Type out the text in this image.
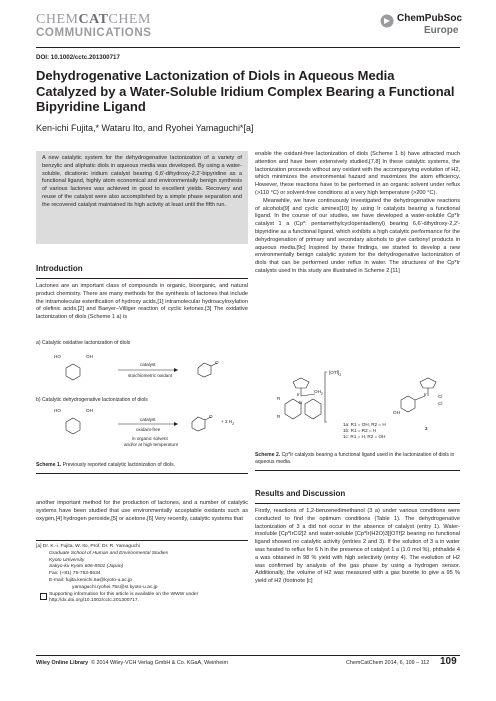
CHEMCATCHEM
COMMUNICATIONS
ChemPubSoc
Europe
DOI: 10.1002/cctc.201300717
Dehydrogenative Lactonization of Diols in Aqueous Media Catalyzed by a Water-Soluble Iridium Complex Bearing a Functional Bipyridine Ligand
Ken-ichi Fujita,* Wataru Ito, and Ryohei Yamaguchi*[a]
A new catalytic system for the dehydrogenative lactonization of a variety of benzylic and aliphatic diols in aqueous media was developed. By using a water-soluble, dicationic iridium catalyst bearing 6,6′-dihydroxy-2,2′-bipyridine as a functional ligand, highly atom economical and environmentally benign synthesis of various lactones was achieved in good to excellent yields. Recovery and reuse of the catalyst were also accomplished by a simple phase separation and the recovered catalyst maintained its high activity at least until the fifth run.
Introduction

Lactones are an important class of compounds in organic, bioorganic, and natural product chemistry. There are many methods for the synthesis of lactones that include the intramolecular esterification of hydroxy acids,[1] intramolecular hydroacyloxylation of olefinic acids,[2] and Baeyer–Villiger reaction of cyclic ketones.[3] The oxidative lactonization of diols (Scheme 1 a) is

a) Catalytic oxidative lactonization of diols
HO	OH
O
catalyst
stoichiometric oxidant
b) Catalytic dehydrogenative lactonization of diols
HO	OH
O
catalyst
oxidant-free
in organic solvent
and/or at high temperature
+ 2 $H_2$
Scheme 1. Previously reported catalytic lactonization of diols.

another important method for the production of lactones, and a number of catalytic systems have been studied that use environmentally acceptable oxidants such as oxygen,[4] hydrogen peroxide,[5] or acetone.[6] Very recently, catalytic systems that

[a] Dr. K.-i. Fujita, W. Ito, Prof. Dr. R. Yamaguchi
Graduate School of Human and Environmental Studies
Kyoto University
Sakyo-ku Kyoto 606-8501 (Japan)
Fax: (+81) 75-753-6634
E-mail: fujita.kenichi.6a@kyoto-u.ac.jp
yamaguchi.ryohei.75s@st.kyoto-u.ac.jp
Supporting information for this article is available on the WWW under
http://dx.doi.org/10.1002/cctc.201300717.

enable the oxidant-free lactonization of diols (Scheme 1 b) have attracted much attention and have been extensively studied.[7,8] In these catalytic systems, the lactonization proceeds without any oxidant with the accompanying evolution of H2, which minimizes the environmental hazard and maximizes the atom efficiency. However, these reactions have to be performed in an organic solvent under reflux (>110 °C) or solvent-free conditions at a very high temperature (>200 °C).

Meanwhile, we have continuously investigated the dehydrogenative reactions of alcohols[9] and cyclic amines[10] by using Ir catalysts bearing a functional ligand. In the course of our studies, we have developed a water-soluble Cp*Ir catalyst 1 a (Cp*: pentamethylcyclopentadienyl) bearing 6,6′-dihydroxy-2,2′-bipyridine as a functional ligand, which exhibits a high catalytic performance for the dehydrogenation of primary and secondary alcohols to give carbonyl products in aqueous media.[9c] Inspired by these findings, we started to develop a new environmentally benign catalytic system for the dehydrogenative lactonization of diols that can be performed under reflux in water. The structures of the Cp*Ir catalysts used in this study are illustrated in Scheme 2.[11]

$[OTf]_2$
Ir
$OH_2$
R
R
N
Ir Cl
Cl
OH
1a: R1 = OH, R2 = H
1b: R1 = R2 = H
1c: R1 = H, R2 = OH
2
Scheme 2. Cp*Ir catalysts bearing a functional ligand used in the lactonization of diols in aqueous media.
Results and Discussion

Firstly, reactions of 1,2-benzenedimethanol (3 a) under various conditions were conducted to find the optimum conditions (Table 1). The dehydrogenative lactonization of 3 a did not occur in the absence of catalyst (entry 1). Water-insoluble [Cp*IrCl2]2 and water-soluble [Cp*Ir(H2O)3][OTf]2 bearing no functional ligand showed no catalytic activity (entries 2 and 3). If the solution of 3 a in water was heated to reflux for 6 h in the presence of catalyst 1 a (1.0 mol %), phthalide 4 a was obtained in 98 % yield with high selectivity (entry 4). The evolution of H2 was confirmed by analysis of the gas phase by using a hydrogen sensor. Additionally, the volume of H2 was measured with a gas burette to give a 95 % yield of H2 (footnote [c]

Wiley Online Library © 2014 Wiley-VCH Verlag GmbH & Co. KGaA, Weinheim	ChemCatChem 2014, 6, 109 – 112 109
